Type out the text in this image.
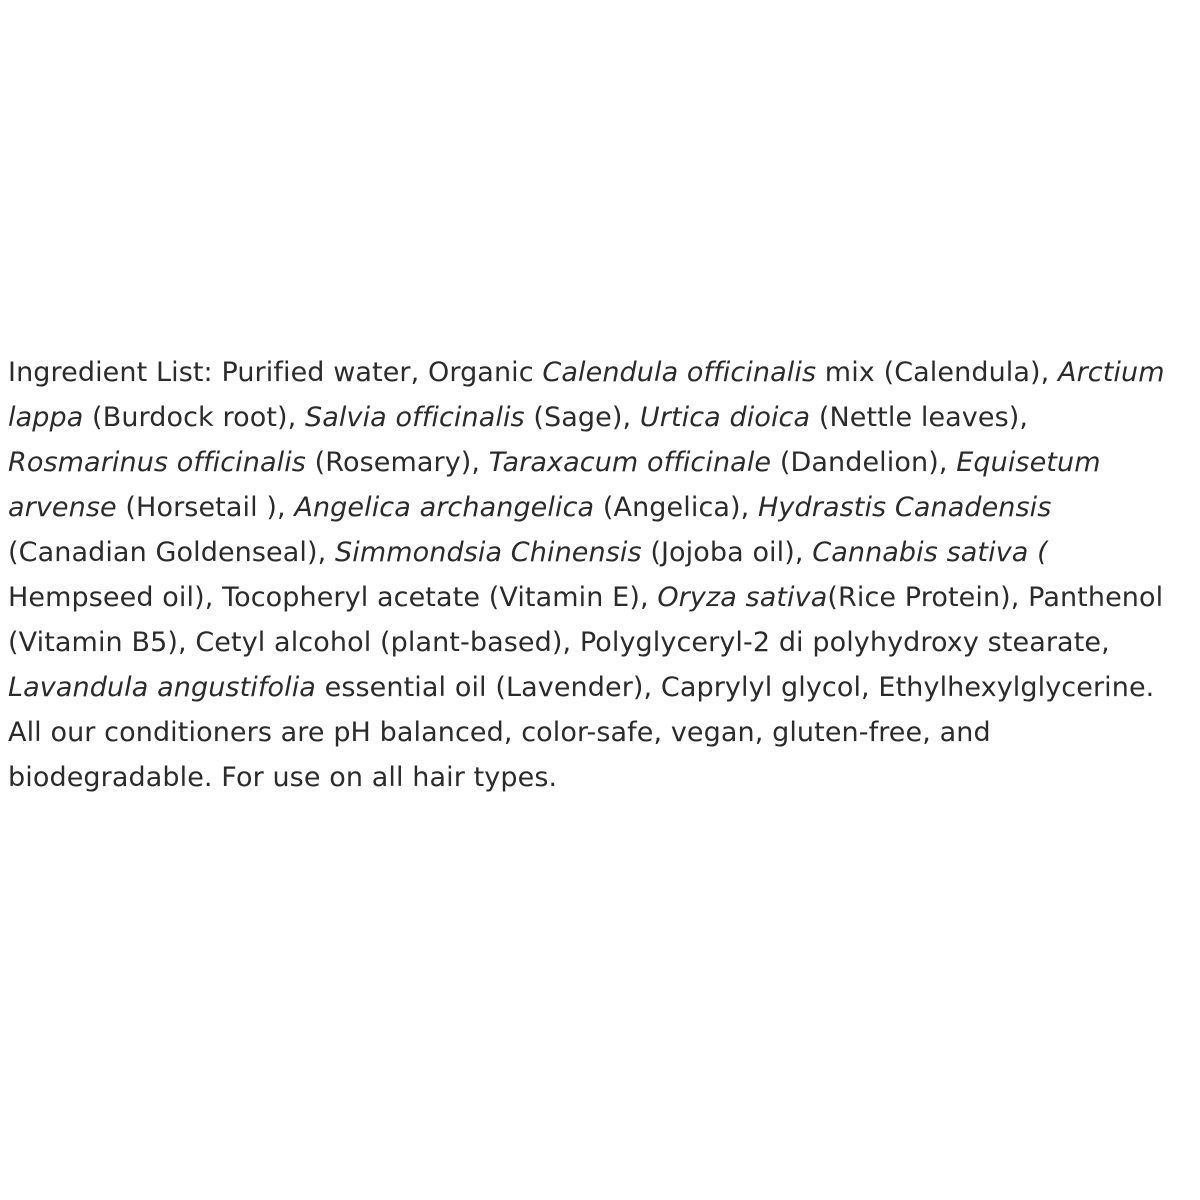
Ingredient List: Purified water, Organic Calendula officinalis mix (Calendula), Arctium lappa (Burdock root), Salvia officinalis (Sage), Urtica dioica (Nettle leaves), Rosmarinus officinalis (Rosemary), Taraxacum officinale (Dandelion), Equisetum arvense (Horsetail ), Angelica archangelica (Angelica), Hydrastis Canadensis (Canadian Goldenseal), Simmondsia Chinensis (Jojoba oil), Cannabis sativa ( Hempseed oil), Tocopheryl acetate (Vitamin E), Oryza sativa(Rice Protein), Panthenol (Vitamin B5), Cetyl alcohol (plant-based), Polyglyceryl-2 di polyhydroxy stearate, Lavandula angustifolia essential oil (Lavender), Caprylyl glycol, Ethylhexylglycerine.

All our conditioners are pH balanced, color-safe, vegan, gluten-free, and biodegradable. For use on all hair types.
